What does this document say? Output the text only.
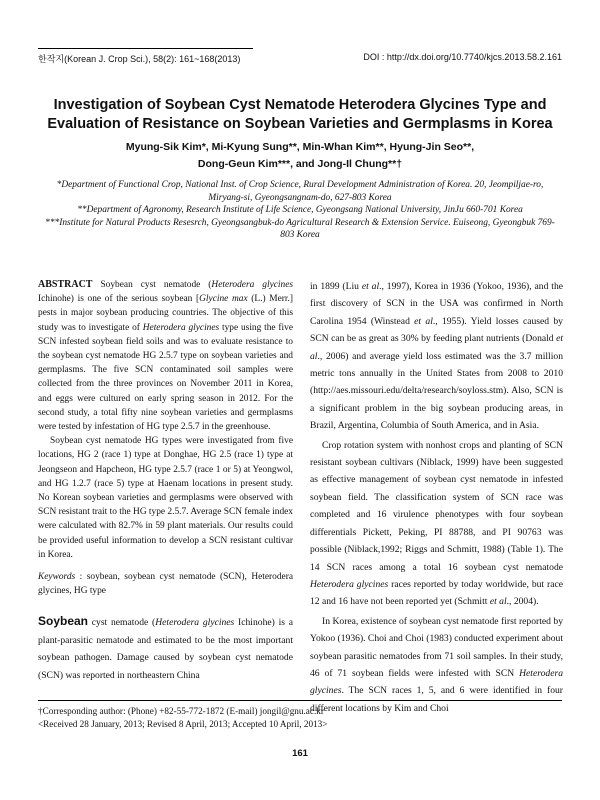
한작지(Korean J. Crop Sci.), 58(2): 161~168(2013)	DOI : http://dx.doi.org/10.7740/kjcs.2013.58.2.161
Investigation of Soybean Cyst Nematode Heterodera Glycines Type and
Evaluation of Resistance on Soybean Varieties and Germplasms in Korea
Myung-Sik Kim*, Mi-Kyung Sung**, Min-Whan Kim**, Hyung-Jin Seo**,
Dong-Geun Kim***, and Jong-Il Chung**†

*Department of Functional Crop, National Inst. of Crop Science, Rural Development Administration of Korea. 20, Jeompiljae-ro, Miryang-si, Gyeongsangnam-do, 627-803 Korea

**Department of Agronomy, Research Institute of Life Science, Gyeongsang National University, JinJu 660-701 Korea

***Institute for Natural Products Resesrch, Gyeongsangbuk-do Agricultural Research & Extension Service. Euiseong, Gyeongbuk 769-803 Korea

ABSTRACT Soybean cyst nematode (Heterodera glycines Ichinohe) is one of the serious soybean [Glycine max (L.) Merr.] pests in major soybean producing countries. The objective of this study was to investigate of Heterodera glycines type using the five SCN infested soybean field soils and was to evaluate resistance to the soybean cyst nematode HG 2.5.7 type on soybean varieties and germplasms. The five SCN contaminated soil samples were collected from the three provinces on November 2011 in Korea, and eggs were cultured on early spring season in 2012. For the second study, a total fifty nine soybean varieties and germplasms were tested by infestation of HG type 2.5.7 in the greenhouse.

Soybean cyst nematode HG types were investigated from five locations, HG 2 (race 1) type at Donghae, HG 2.5 (race 1) type at Jeongseon and Hapcheon, HG type 2.5.7 (race 1 or 5) at Yeongwol, and HG 1.2.7 (race 5) type at Haenam locations in present study. No Korean soybean varieties and germplasms were observed with SCN resistant trait to the HG type 2.5.7. Average SCN female index were calculated with 82.7% in 59 plant materials. Our results could be provided useful information to develop a SCN resistant cultivar in Korea.

Keywords : soybean, soybean cyst nematode (SCN), Heterodera glycines, HG type

Soybean cyst nematode (Heterodera glycines Ichinohe) is a plant-parasitic nematode and estimated to be the most important soybean pathogen. Damage caused by soybean cyst nematode (SCN) was reported in northeastern China

in 1899 (Liu et al., 1997), Korea in 1936 (Yokoo, 1936), and the first discovery of SCN in the USA was confirmed in North Carolina 1954 (Winstead et al., 1955). Yield losses caused by SCN can be as great as 30% by feeding plant nutrients (Donald et al., 2006) and average yield loss estimated was the 3.7 million metric tons annually in the United States from 2008 to 2010 (http://aes.missouri.edu/delta/research/soyloss.stm). Also, SCN is a significant problem in the big soybean producing areas, in Brazil, Argentina, Columbia of South America, and in Asia.

Crop rotation system with nonhost crops and planting of SCN resistant soybean cultivars (Niblack, 1999) have been suggested as effective management of soybean cyst nematode in infested soybean field. The classification system of SCN race was completed and 16 virulence phenotypes with four soybean differentials Pickett, Peking, PI 88788, and PI 90763 was possible (Niblack,1992; Riggs and Schmitt, 1988) (Table 1). The 14 SCN races among a total 16 soybean cyst nematode Heterodera glycines races reported by today worldwide, but race 12 and 16 have not been reported yet (Schmitt et al., 2004).

In Korea, existence of soybean cyst nematode first reported by Yokoo (1936). Choi and Choi (1983) conducted experiment about soybean parasitic nematodes from 71 soil samples. In their study, 46 of 71 soybean fields were infested with SCN Heterodera glycines. The SCN races 1, 5, and 6 were identified in four different locations by Kim and Choi

†Corresponding author: (Phone) +82-55-772-1872 (E-mail) jongil@gnu.ac.kr

<Received 28 January, 2013; Revised 8 April, 2013; Accepted 10 April, 2013>

161
